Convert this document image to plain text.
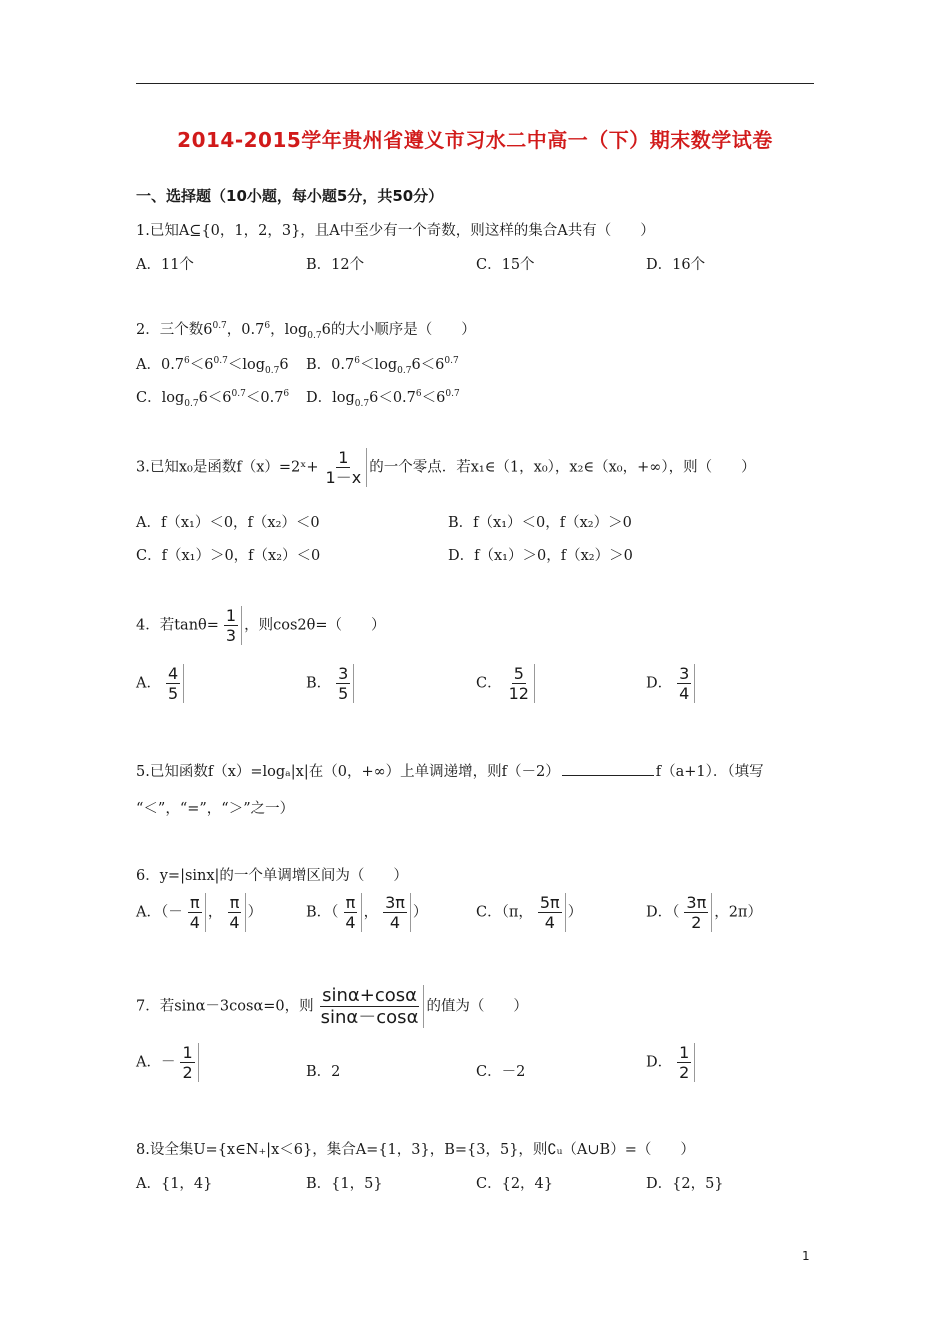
2014-2015学年贵州省遵义市习水二中高一（下）期末数学试卷
一、选择题（10小题，每小题5分，共50分）
1.已知A⊆{0，1，2，3}，且A中至少有一个奇数，则这样的集合A共有（　　）
A．11个	B．12个	C．15个	D．16个
2．三个数$6^{0.7}$，$0.7^6$，$\log_{0.7}6$的大小顺序是（　　）
A．$0.7^6<6^{0.7}<\log_{0.7}6$ B．$0.7^6<\log_{0.7}6<6^{0.7}$
C．$\log_{0.7}6<6^{0.7}<0.7^6$ D．$\log_{0.7}6<0.7^6<6^{0.7}$
3.已知x₀是函数f（x）=2ˣ+ $\frac{1}{1-x}$ 的一个零点．若x₁∈（1，x₀），x₂∈（x₀，+∞），则（　　）
A．f（x₁）＜0，f（x₂）＜0	B．f（x₁）＜0，f（x₂）＞0
C．f（x₁）＞0，f（x₂）＜0	D．f（x₁）＞0，f（x₂）＞0
4．若$\tan\theta= \frac{1}{3}$ ，则cos2θ=（　　）
A． $\frac{4}{5}$	B． $\frac{3}{5}$	C． $\frac{5}{12}$	D． $\frac{3}{4}$
5.已知函数f（x）=logₐ|x|在（0，+∞）上单调递增，则f（－2）	f（a+1）．（填写
“＜”，“=”，“＞”之一）
6．y=|sinx|的一个单调增区间为（　　）
A．（－ $\frac{\pi}{4}$ ， $\frac{\pi}{4}$ ）	B．（ $\frac{\pi}{4}$ ， $\frac{3\pi}{4}$ ）	C．（π， $\frac{5\pi}{4}$ ）	D．（ $\frac{3\pi}{2}$ ，2π）
7．若sinα－3cosα=0，则 $\frac{\sin\alpha+\cos\alpha}{\sin\alpha-\cos\alpha}$ 的值为（　　）
A．－ $\frac{1}{2}$	B．2	C．－2
D． $\frac{1}{2}$
8.设全集U={x∈N₊|x＜6}，集合A={1，3}，B={3，5}，则∁ᵤ（A∪B）=（　　）
A．{1，4}	B．{1，5}	C．{2，4}	D．{2，5}
1
